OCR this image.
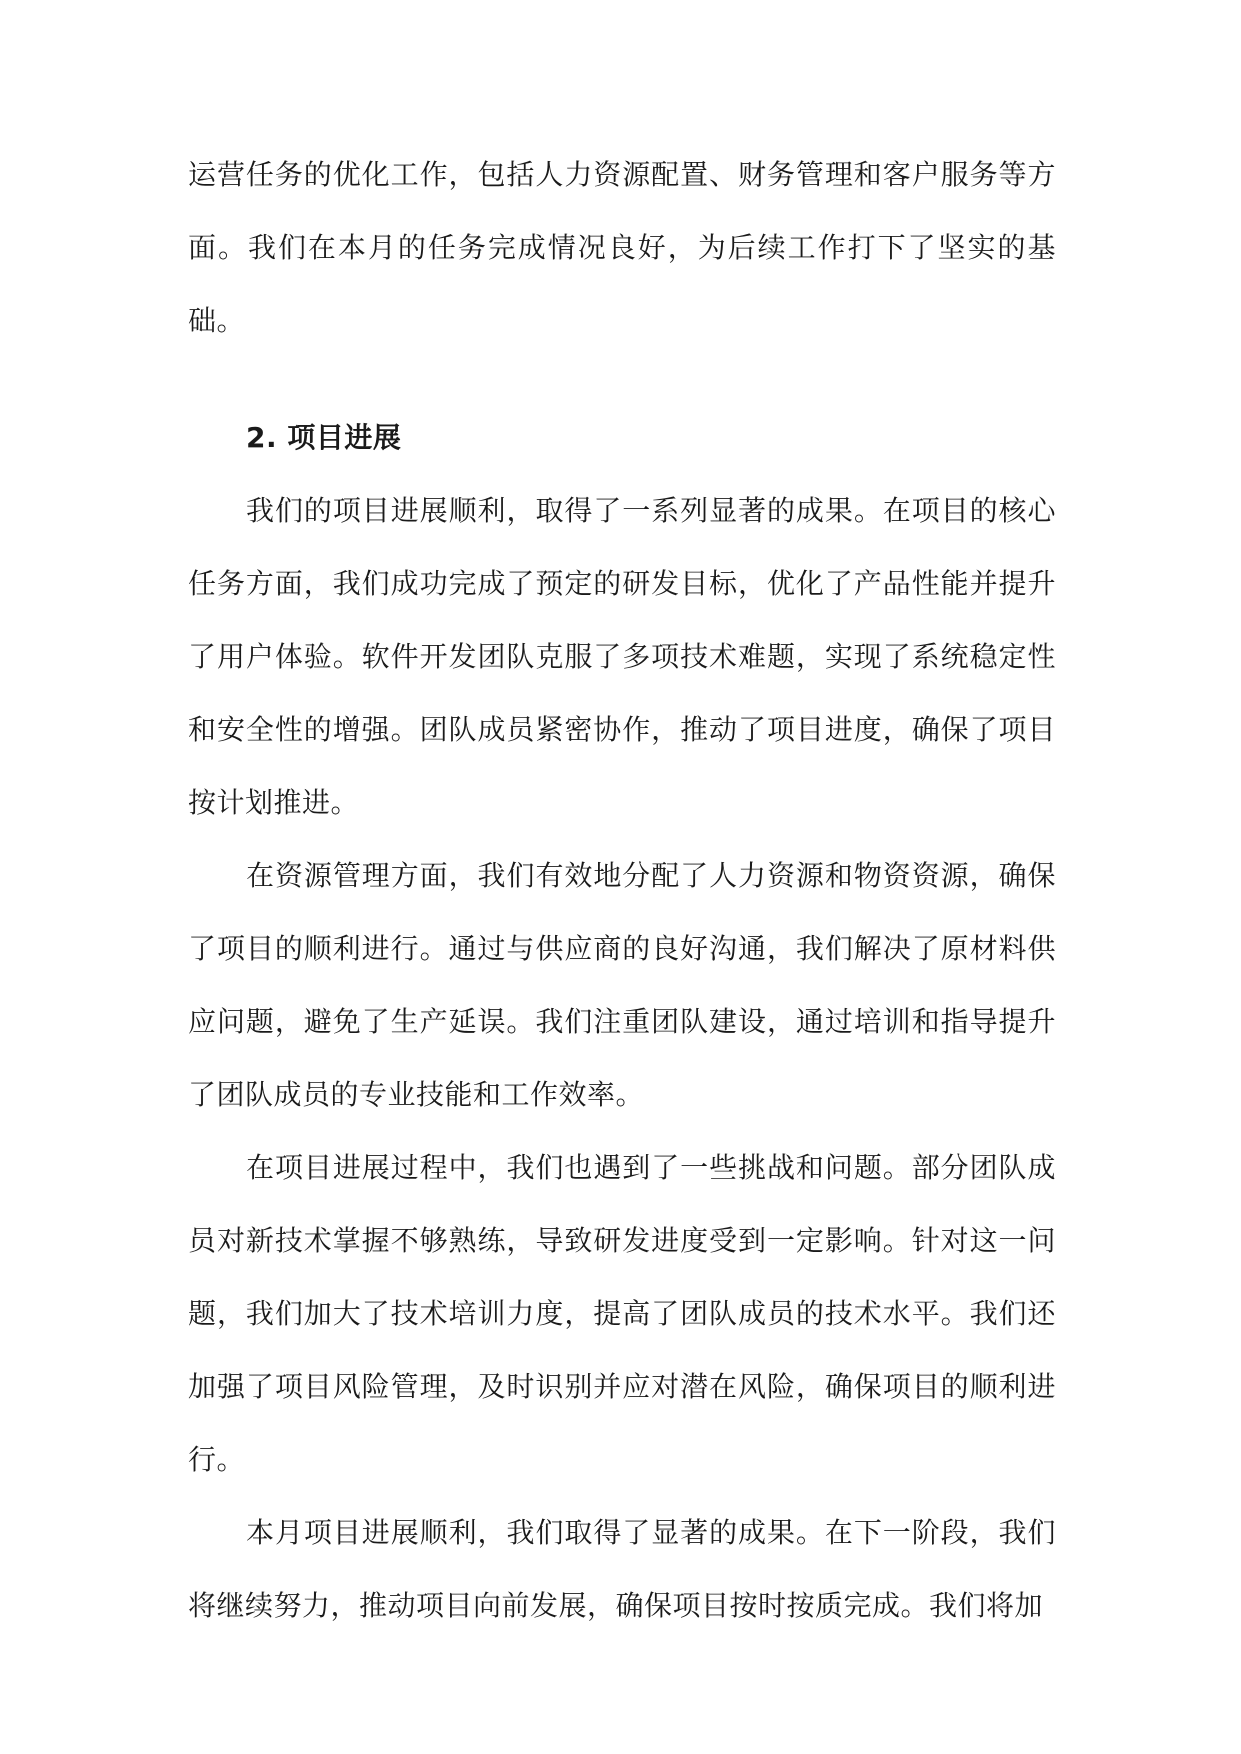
运营任务的优化工作，包括人力资源配置、财务管理和客户服务等方面。我们在本月的任务完成情况良好，为后续工作打下了坚实的基础。

2. 项目进展

我们的项目进展顺利，取得了一系列显著的成果。在项目的核心任务方面，我们成功完成了预定的研发目标，优化了产品性能并提升了用户体验。软件开发团队克服了多项技术难题，实现了系统稳定性和安全性的增强。团队成员紧密协作，推动了项目进度，确保了项目按计划推进。

在资源管理方面，我们有效地分配了人力资源和物资资源，确保了项目的顺利进行。通过与供应商的良好沟通，我们解决了原材料供应问题，避免了生产延误。我们注重团队建设，通过培训和指导提升了团队成员的专业技能和工作效率。

在项目进展过程中，我们也遇到了一些挑战和问题。部分团队成员对新技术掌握不够熟练，导致研发进度受到一定影响。针对这一问题，我们加大了技术培训力度，提高了团队成员的技术水平。我们还加强了项目风险管理，及时识别并应对潜在风险，确保项目的顺利进行。

本月项目进展顺利，我们取得了显著的成果。在下一阶段，我们将继续努力，推动项目向前发展，确保项目按时按质完成。我们将加
